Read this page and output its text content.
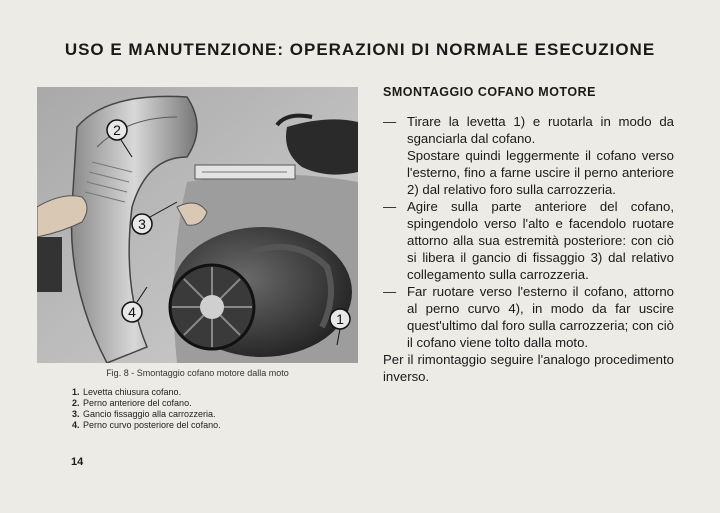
USO E MANUTENZIONE: OPERAZIONI DI NORMALE ESECUZIONE
2
3
4	1
Fig. 8 - Smontaggio cofano motore dalla moto
1. Levetta chiusura cofano.
2. Perno anteriore del cofano.
3. Gancio fissaggio alla carrozzeria.
4. Perno curvo posteriore del cofano.
14
SMONTAGGIO COFANO MOTORE
— Tirare la levetta 1) e ruotarla in modo da sganciarla dal cofano.

Spostare quindi leggermente il cofano verso l'esterno, fino a farne uscire il perno anteriore 2) dal relativo foro sulla carrozzeria.

— Agire sulla parte anteriore del cofano, spingendolo verso l'alto e facendolo ruotare attorno alla sua estremità posteriore: con ciò si libera il gancio di fissaggio 3) dal relativo collegamento sulla carrozzeria.

— Far ruotare verso l'esterno il cofano, attorno al perno curvo 4), in modo da far uscire quest'ultimo dal foro sulla carrozzeria; con ciò il cofano viene tolto dalla moto.

Per il rimontaggio seguire l'analogo procedimento inverso.
